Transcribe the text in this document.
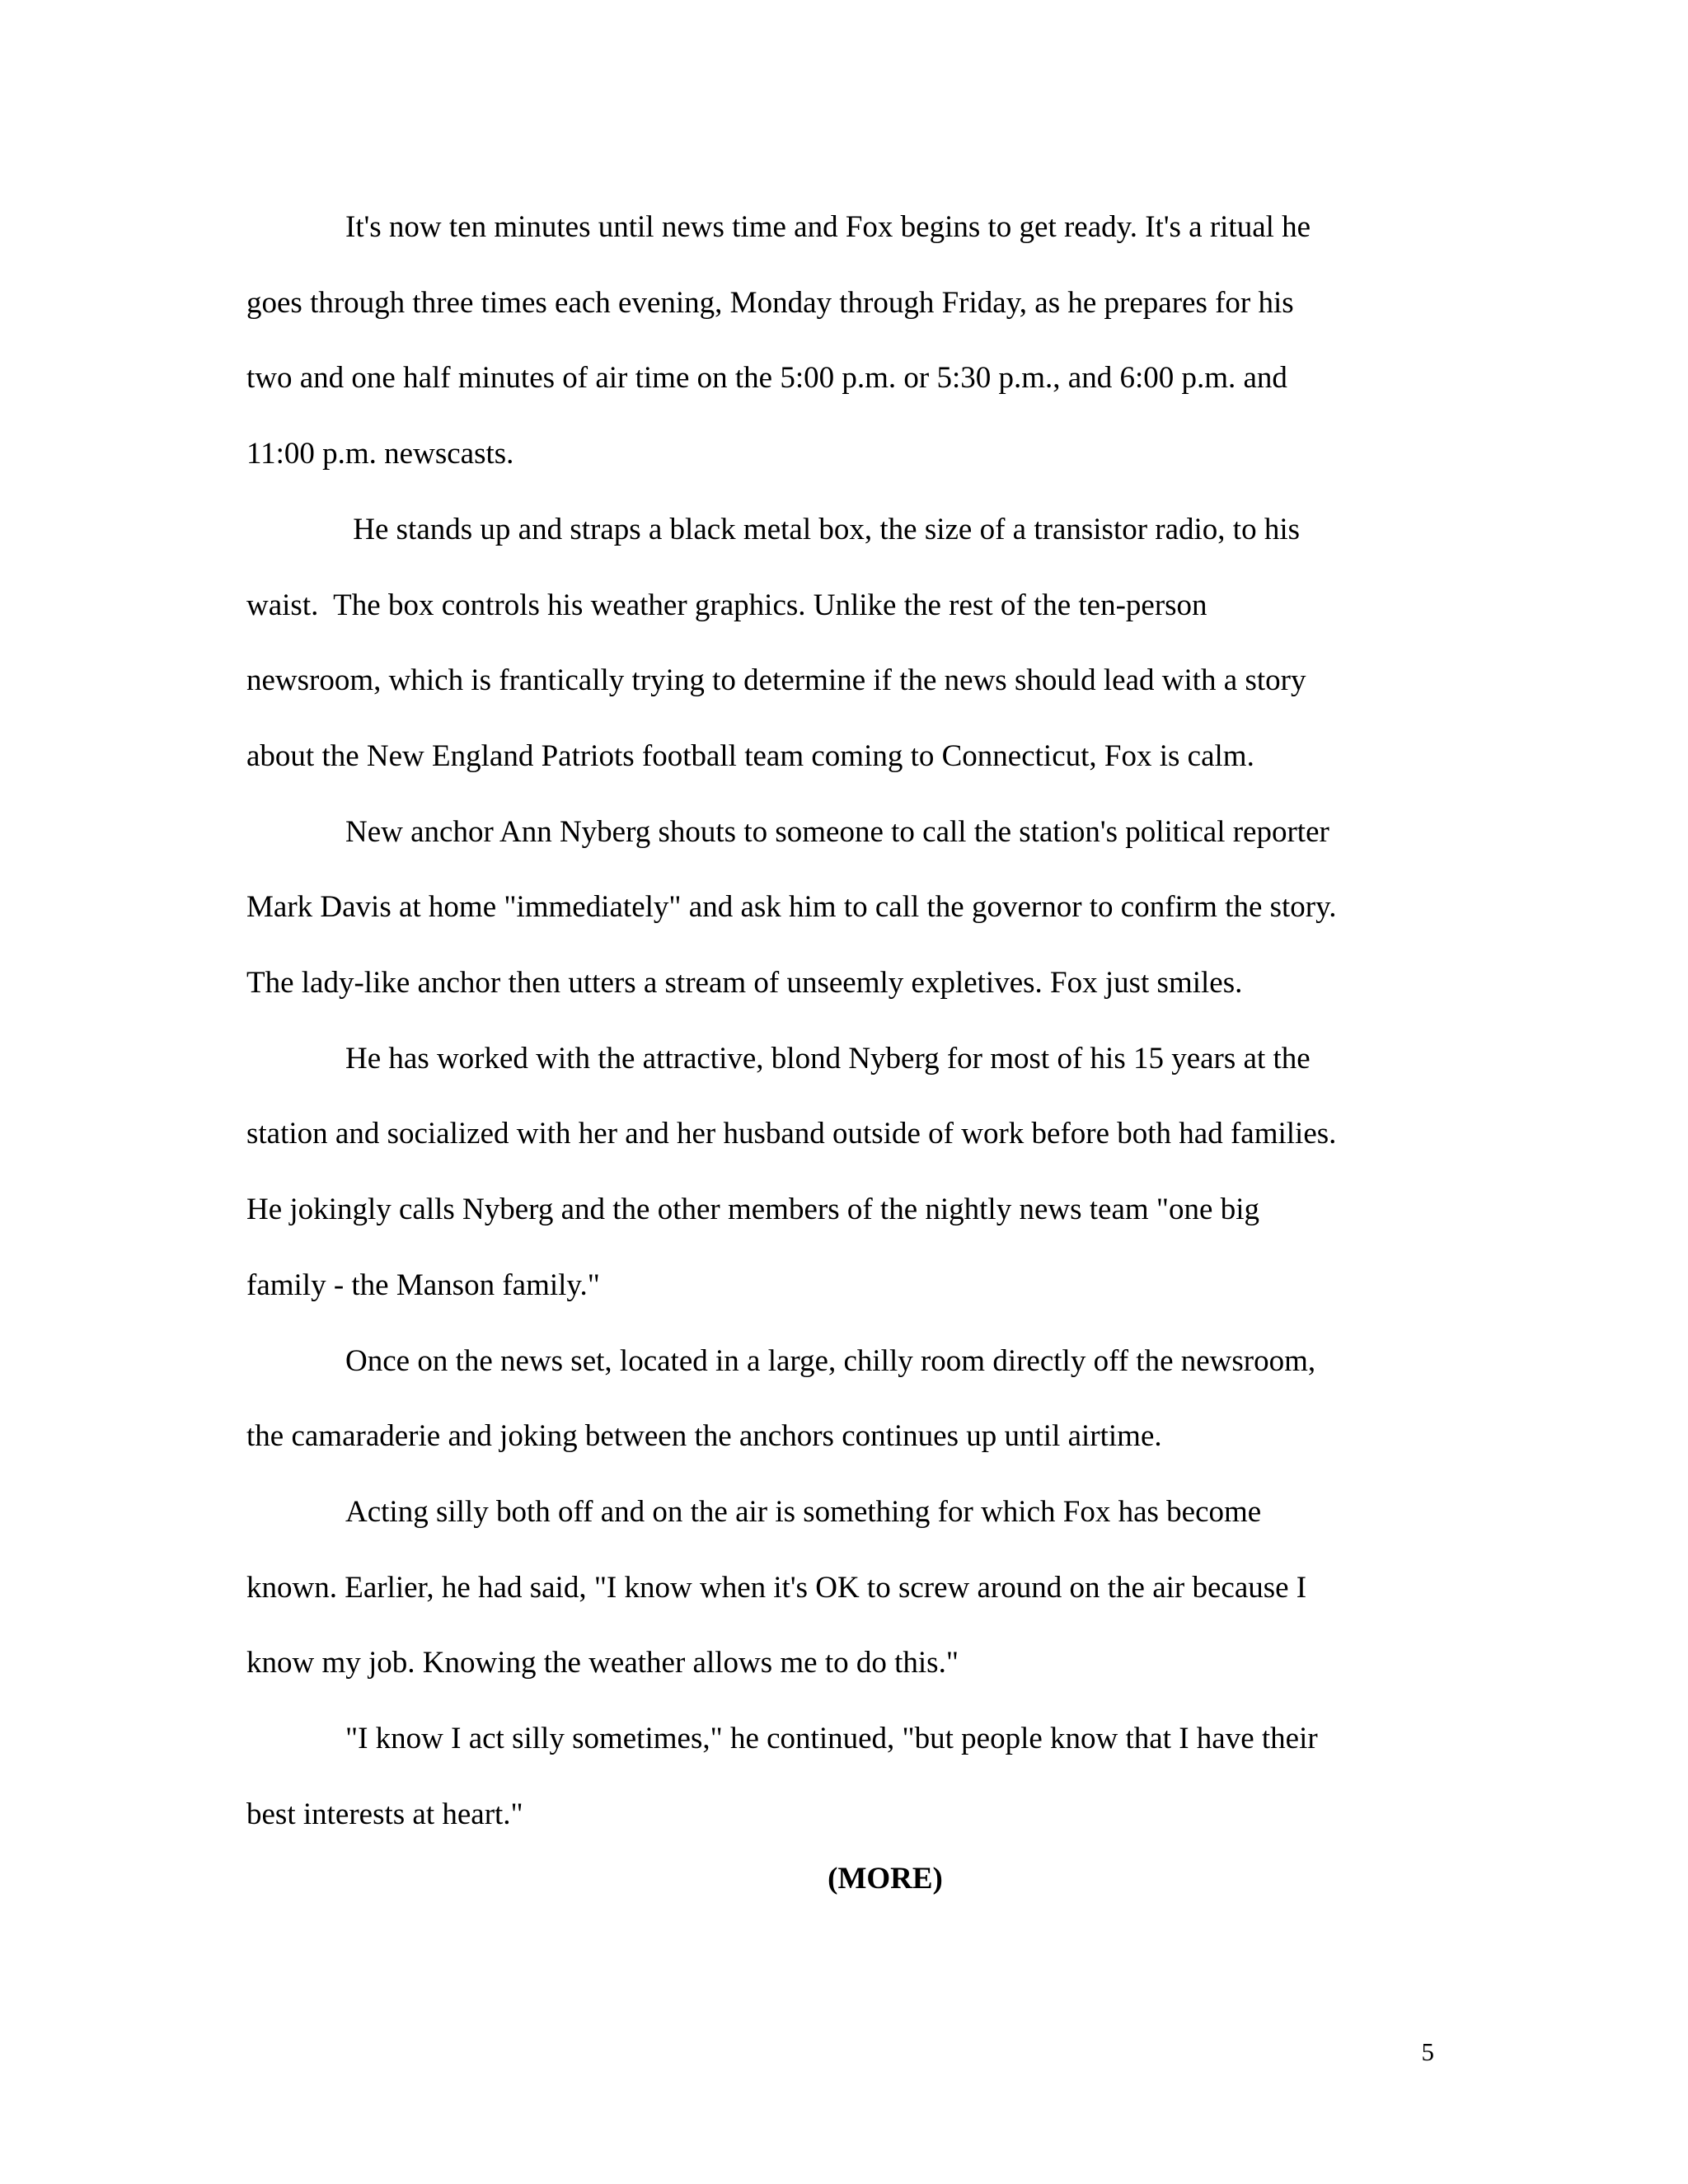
It's now ten minutes until news time and Fox begins to get ready. It's a ritual he
goes through three times each evening, Monday through Friday, as he prepares for his
two and one half minutes of air time on the 5:00 p.m. or 5:30 p.m., and 6:00 p.m. and
11:00 p.m. newscasts.

He stands up and straps a black metal box, the size of a transistor radio, to his
waist.  The box controls his weather graphics. Unlike the rest of the ten-person
newsroom, which is frantically trying to determine if the news should lead with a story
about the New England Patriots football team coming to Connecticut, Fox is calm.

New anchor Ann Nyberg shouts to someone to call the station's political reporter
Mark Davis at home "immediately" and ask him to call the governor to confirm the story.
The lady-like anchor then utters a stream of unseemly expletives. Fox just smiles.

He has worked with the attractive, blond Nyberg for most of his 15 years at the
station and socialized with her and her husband outside of work before both had families.
He jokingly calls Nyberg and the other members of the nightly news team "one big
family - the Manson family."

Once on the news set, located in a large, chilly room directly off the newsroom,
the camaraderie and joking between the anchors continues up until airtime.

Acting silly both off and on the air is something for which Fox has become
known. Earlier, he had said, "I know when it's OK to screw around on the air because I
know my job. Knowing the weather allows me to do this."

"I know I act silly sometimes," he continued, "but people know that I have their
best interests at heart."

(MORE)
5
